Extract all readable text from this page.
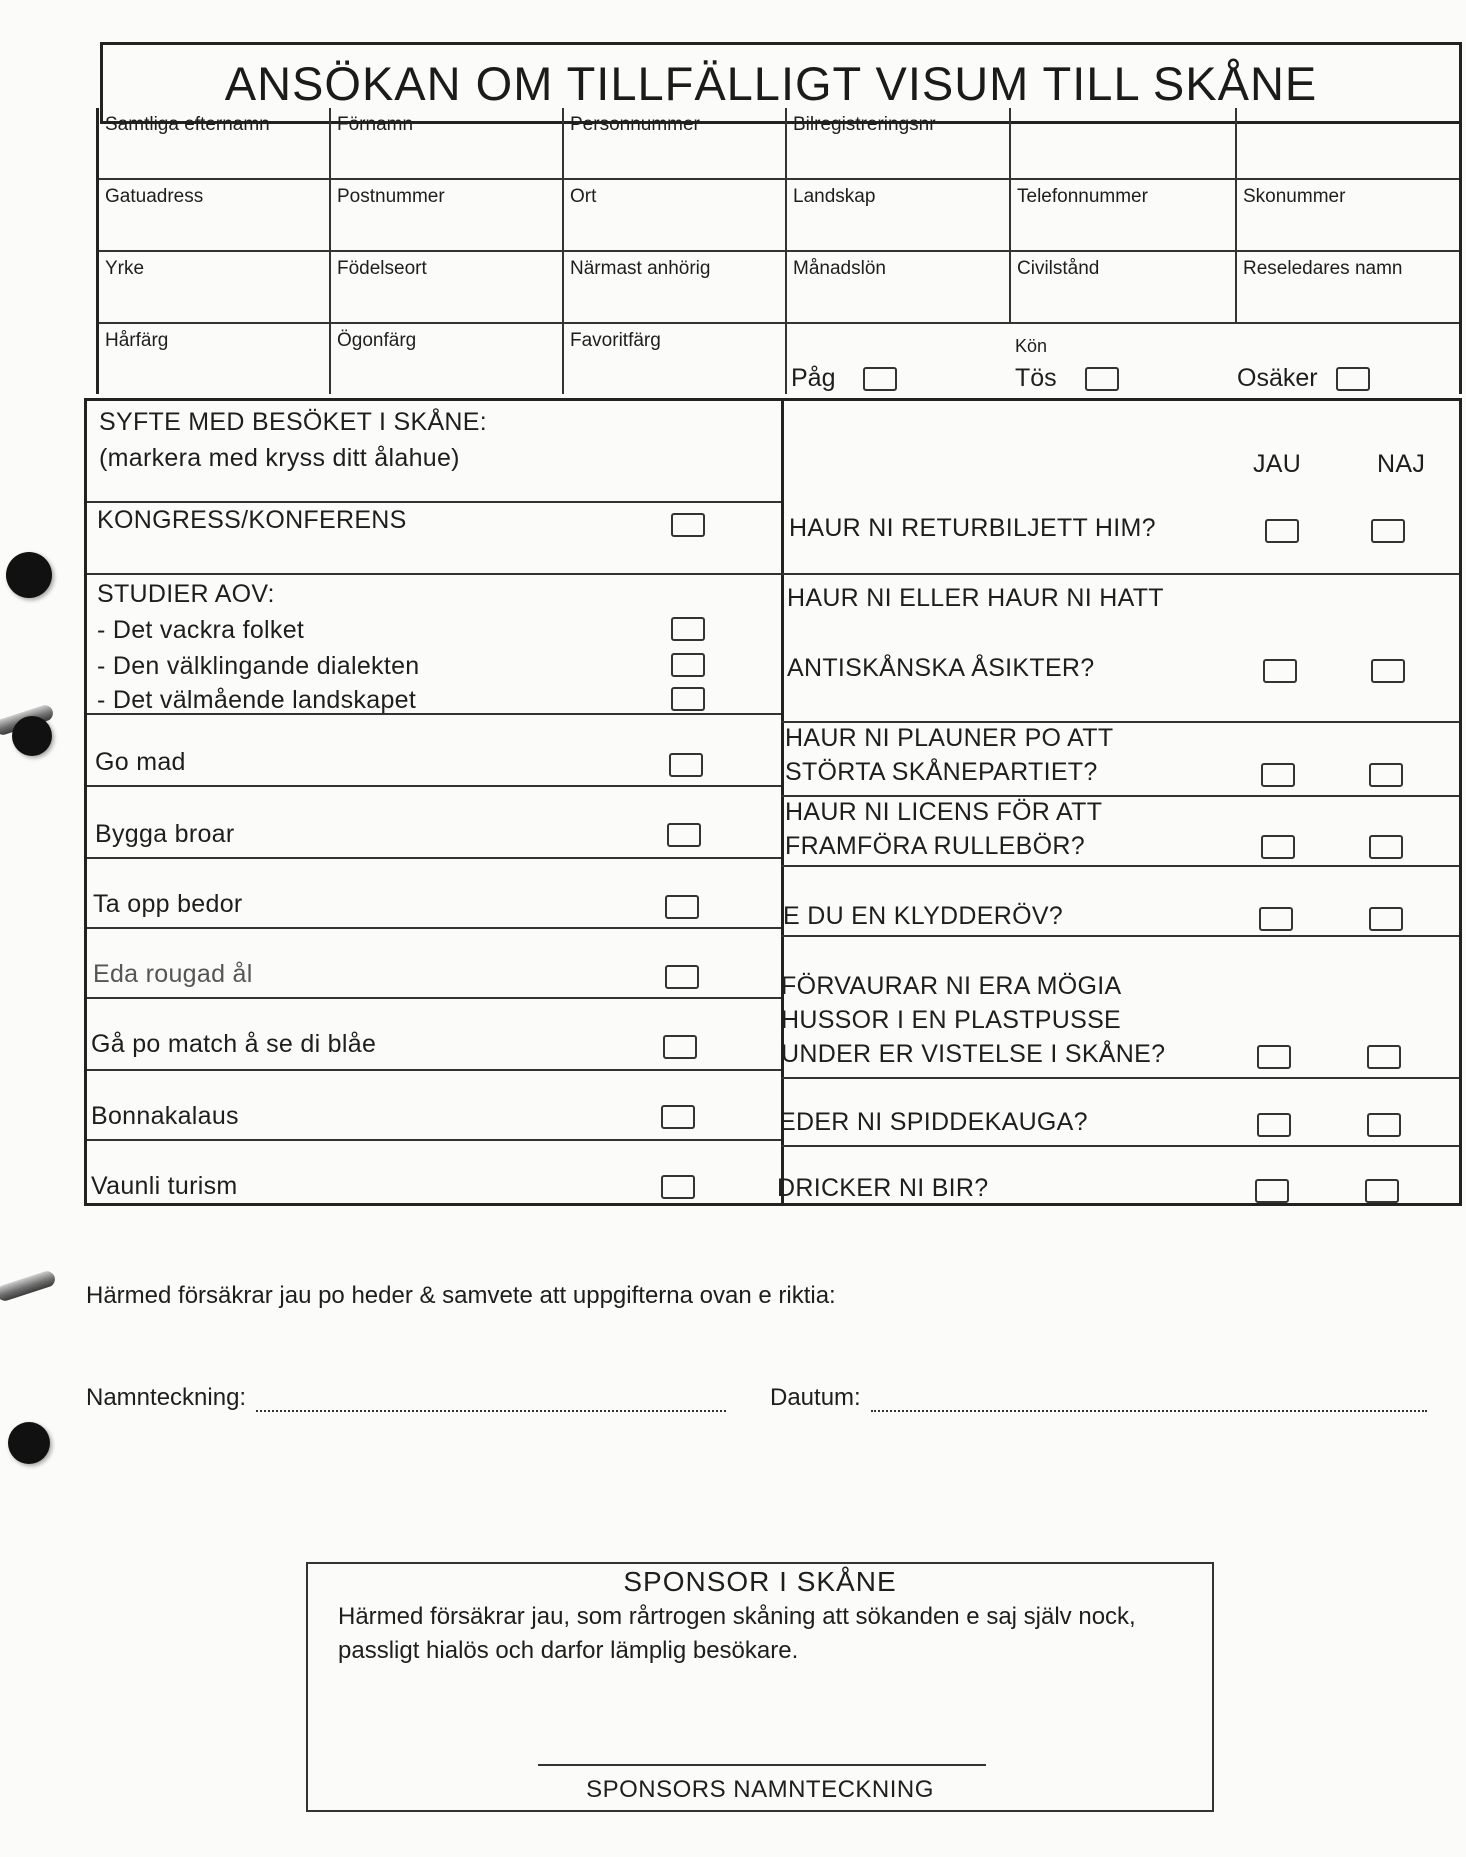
ANSÖKAN OM TILLFÄLLIGT VISUM TILL SKÅNE
Samtliga efternamn	Förnamn	Personnummer	Bilregistreringsnr
Gatuadress	Postnummer	Ort	Landskap	Telefonnummer	Skonummer
Yrke	Födelseort	Närmast anhörig	Månadslön	Civilstånd	Reseledares namn
Hårfärg	Ögonfärg	Favoritfärg	Kön
Påg	Tös	Osäker
SYFTE MED BESÖKET I SKÅNE:
(markera med kryss ditt ålahue)
KONGRESS/KONFERENS
STUDIER AOV:
- Det vackra folket
- Den välklingande dialekten
- Det välmående landskapet
Go mad
Bygga broar
Ta opp bedor
Eda rougad ål
Gå po match å se di blåe
Bonnakalaus
Vaunli turism
JAU	NAJ
HAUR NI RETURBILJETT HIM?
HAUR NI ELLER HAUR NI HATT
ANTISKÅNSKA ÅSIKTER?
HAUR NI PLAUNER PO ATT
STÖRTA SKÅNEPARTIET?
HAUR NI LICENS FÖR ATT
FRAMFÖRA RULLEBÖR?
E DU EN KLYDDERÖV?
FÖRVAURAR NI ERA MÖGIA
HUSSOR I EN PLASTPUSSE
UNDER ER VISTELSE I SKÅNE?
EDER NI SPIDDEKAUGA?
DRICKER NI BIR?
Härmed försäkrar jau po heder & samvete att uppgifterna ovan e riktia:
Namnteckning:	Dautum:
SPONSOR I SKÅNE
Härmed försäkrar jau, som rårtrogen skåning att sökanden e saj själv nock, passligt hialös och darfor lämplig besökare.
SPONSORS NAMNTECKNING
